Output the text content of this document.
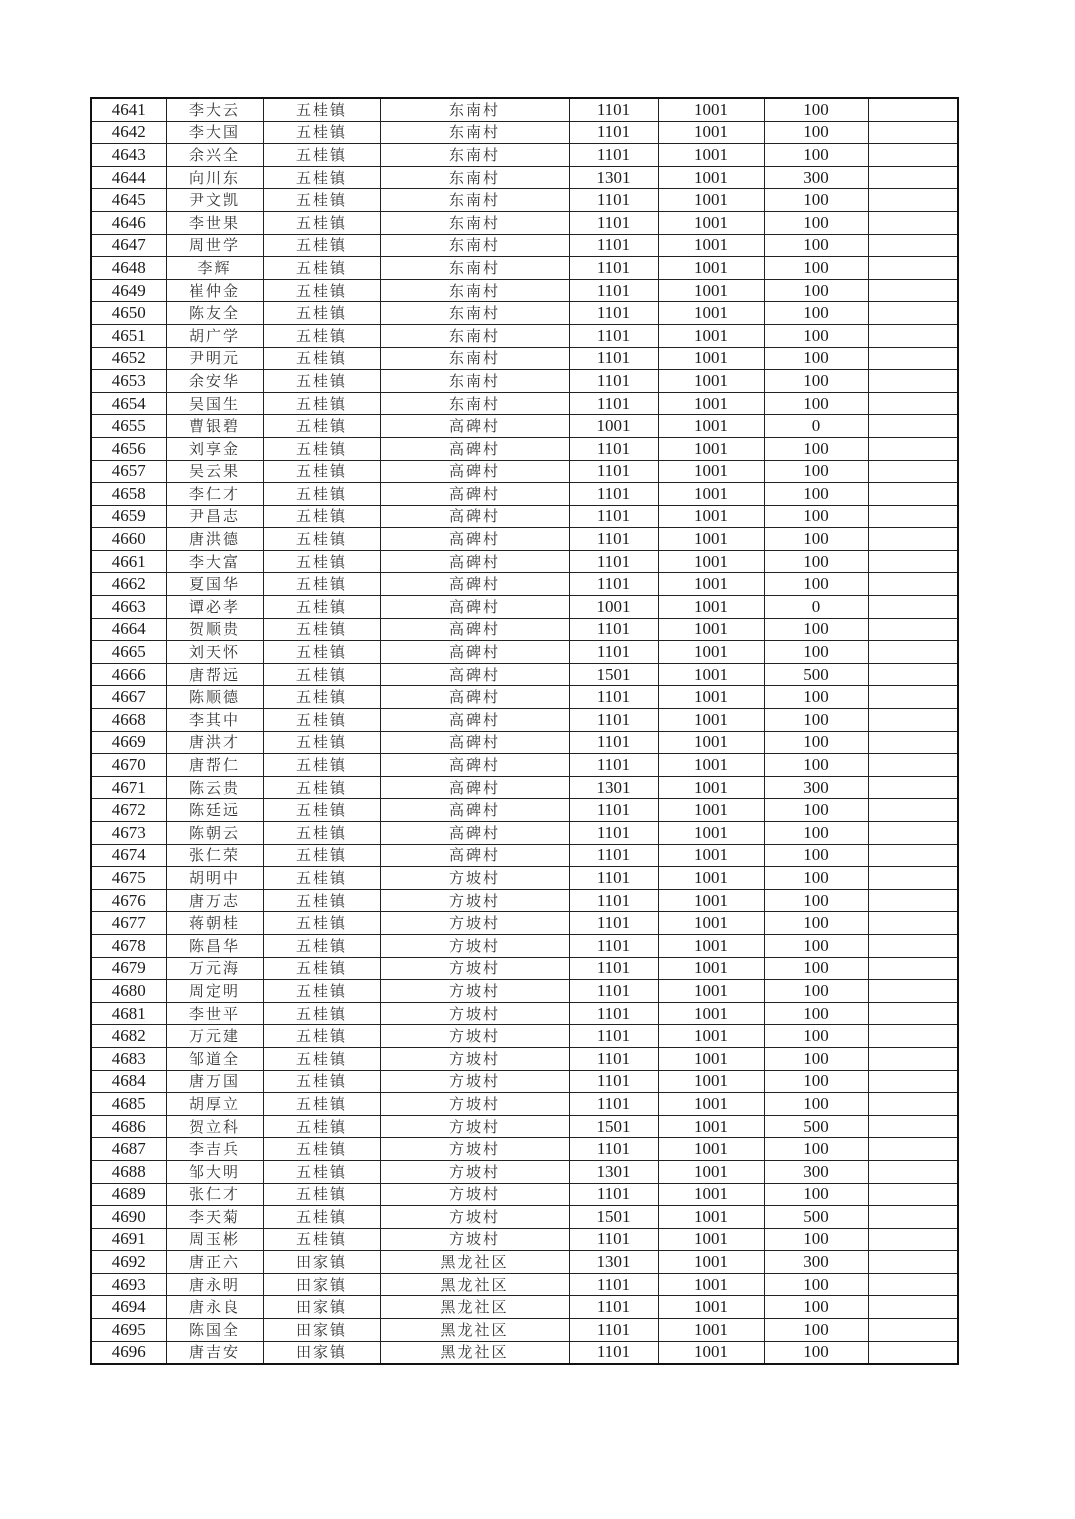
4641	李大云	五桂镇	东南村	1101	1001	100	
4642	李大国	五桂镇	东南村	1101	1001	100	
4643	余兴全	五桂镇	东南村	1101	1001	100	
4644	向川东	五桂镇	东南村	1301	1001	300	
4645	尹文凯	五桂镇	东南村	1101	1001	100	
4646	李世果	五桂镇	东南村	1101	1001	100	
4647	周世学	五桂镇	东南村	1101	1001	100	
4648	李辉	五桂镇	东南村	1101	1001	100	
4649	崔仲金	五桂镇	东南村	1101	1001	100	
4650	陈友全	五桂镇	东南村	1101	1001	100	
4651	胡广学	五桂镇	东南村	1101	1001	100	
4652	尹明元	五桂镇	东南村	1101	1001	100	
4653	余安华	五桂镇	东南村	1101	1001	100	
4654	吴国生	五桂镇	东南村	1101	1001	100	
4655	曹银碧	五桂镇	高碑村	1001	1001	0	
4656	刘享金	五桂镇	高碑村	1101	1001	100	
4657	吴云果	五桂镇	高碑村	1101	1001	100	
4658	李仁才	五桂镇	高碑村	1101	1001	100	
4659	尹昌志	五桂镇	高碑村	1101	1001	100	
4660	唐洪德	五桂镇	高碑村	1101	1001	100	
4661	李大富	五桂镇	高碑村	1101	1001	100	
4662	夏国华	五桂镇	高碑村	1101	1001	100	
4663	谭必孝	五桂镇	高碑村	1001	1001	0	
4664	贺顺贵	五桂镇	高碑村	1101	1001	100	
4665	刘天怀	五桂镇	高碑村	1101	1001	100	
4666	唐帮远	五桂镇	高碑村	1501	1001	500	
4667	陈顺德	五桂镇	高碑村	1101	1001	100	
4668	李其中	五桂镇	高碑村	1101	1001	100	
4669	唐洪才	五桂镇	高碑村	1101	1001	100	
4670	唐帮仁	五桂镇	高碑村	1101	1001	100	
4671	陈云贵	五桂镇	高碑村	1301	1001	300	
4672	陈廷远	五桂镇	高碑村	1101	1001	100	
4673	陈朝云	五桂镇	高碑村	1101	1001	100	
4674	张仁荣	五桂镇	高碑村	1101	1001	100	
4675	胡明中	五桂镇	方坡村	1101	1001	100	
4676	唐万志	五桂镇	方坡村	1101	1001	100	
4677	蒋朝桂	五桂镇	方坡村	1101	1001	100	
4678	陈昌华	五桂镇	方坡村	1101	1001	100	
4679	万元海	五桂镇	方坡村	1101	1001	100	
4680	周定明	五桂镇	方坡村	1101	1001	100	
4681	李世平	五桂镇	方坡村	1101	1001	100	
4682	万元建	五桂镇	方坡村	1101	1001	100	
4683	邹道全	五桂镇	方坡村	1101	1001	100	
4684	唐万国	五桂镇	方坡村	1101	1001	100	
4685	胡厚立	五桂镇	方坡村	1101	1001	100	
4686	贺立科	五桂镇	方坡村	1501	1001	500	
4687	李吉兵	五桂镇	方坡村	1101	1001	100	
4688	邹大明	五桂镇	方坡村	1301	1001	300	
4689	张仁才	五桂镇	方坡村	1101	1001	100	
4690	李天菊	五桂镇	方坡村	1501	1001	500	
4691	周玉彬	五桂镇	方坡村	1101	1001	100	
4692	唐正六	田家镇	黑龙社区	1301	1001	300	
4693	唐永明	田家镇	黑龙社区	1101	1001	100	
4694	唐永良	田家镇	黑龙社区	1101	1001	100	
4695	陈国全	田家镇	黑龙社区	1101	1001	100	
4696	唐吉安	田家镇	黑龙社区	1101	1001	100	
